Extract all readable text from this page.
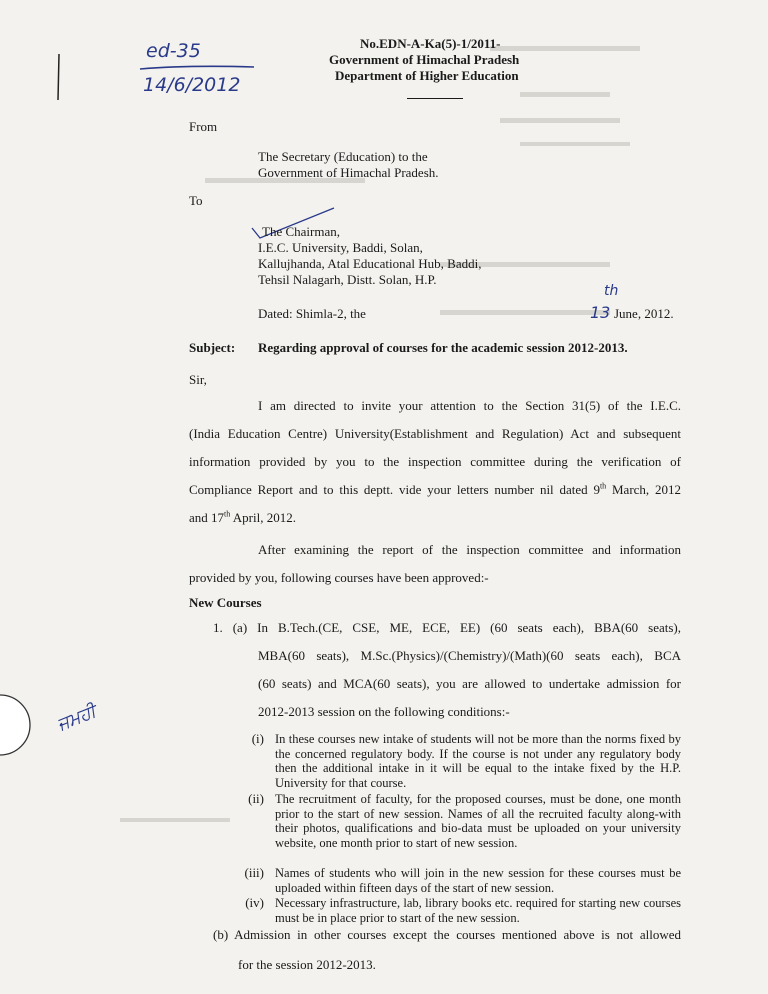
ed-35
14/6/2012
No.EDN-A-Ka(5)-1/2011-
Government of Himachal Pradesh
Department of Higher Education
From
The Secretary (Education) to the
Government of Himachal Pradesh.
To
The Chairman,
I.E.C. University, Baddi, Solan,
Kallujhanda, Atal Educational Hub, Baddi,
Tehsil Nalagarh, Distt. Solan, H.P.
Dated: Shimla-2, the
th
13 June, 2012.
Subject: Regarding approval of courses for the academic session 2012-2013.
Sir,
I am directed to invite your attention to the Section 31(5) of the I.E.C.
(India Education Centre) University(Establishment and Regulation) Act and subsequent
information provided by you to the inspection committee during the verification of
Compliance Report and to this deptt. vide your letters number nil dated 9th March, 2012
and 17th April, 2012.
After examining the report of the inspection committee and information
provided by you, following courses have been approved:-
New Courses
1. (a) In B.Tech.(CE, CSE, ME, ECE, EE) (60 seats each), BBA(60 seats),
MBA(60 seats), M.Sc.(Physics)/(Chemistry)/(Math)(60 seats each), BCA
(60 seats) and MCA(60 seats), you are allowed to undertake admission for
2012-2013 session on the following conditions:-
ਜਮਹੀ
(i) In these courses new intake of students will not be more than the norms fixed by the concerned regulatory body. If the course is not under any regulatory body then the additional intake in it will be equal to the intake fixed by the H.P. University for that course.
(ii) The recruitment of faculty, for the proposed courses, must be done, one month prior to the start of new session. Names of all the recruited faculty along-with their photos, qualifications and bio-data must be uploaded on your university website, one month prior to start of new session.
(iii) Names of students who will join in the new session for these courses must be uploaded within fifteen days of the start of new session.
(iv) Necessary infrastructure, lab, library books etc. required for starting new courses must be in place prior to start of the new session.
(b) Admission in other courses except the courses mentioned above is not allowed
for the session 2012-2013.
